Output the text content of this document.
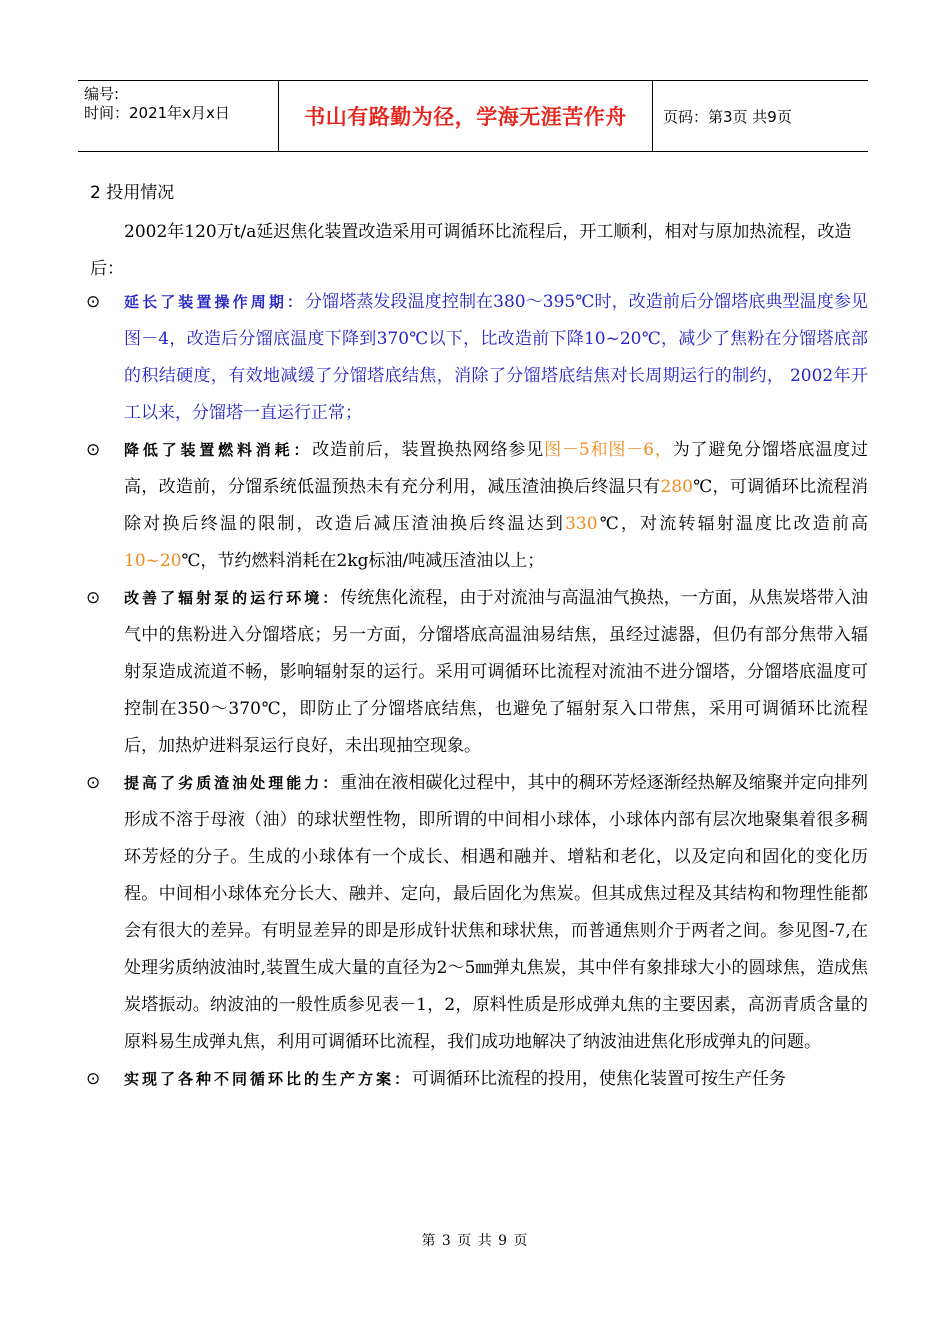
编号:
时间：2021年x月x日	书山有路勤为径，学海无涯苦作舟	页码：第3页 共9页
2 投用情况
2002年120万t/a延迟焦化装置改造采用可调循环比流程后，开工顺利，相对与原加热流程，改造后：
⊙	延长了装置操作周期：分馏塔蒸发段温度控制在380～395℃时，改造前后分馏塔底典型温度参见图－4，改造后分馏底温度下降到370℃以下，比改造前下降10~20℃，减少了焦粉在分馏塔底部的积结硬度，有效地减缓了分馏塔底结焦，消除了分馏塔底结焦对长周期运行的制约， 2002年开工以来，分馏塔一直运行正常；
⊙	降低了装置燃料消耗：改造前后，装置换热网络参见图－5和图－6，为了避免分馏塔底温度过高，改造前，分馏系统低温预热未有充分利用，减压渣油换后终温只有280℃，可调循环比流程消除对换后终温的限制，改造后减压渣油换后终温达到330℃，对流转辐射温度比改造前高10~20℃，节约燃料消耗在2kg标油/吨减压渣油以上；
⊙	改善了辐射泵的运行环境：传统焦化流程，由于对流油与高温油气换热，一方面，从焦炭塔带入油气中的焦粉进入分馏塔底；另一方面，分馏塔底高温油易结焦，虽经过滤器，但仍有部分焦带入辐射泵造成流道不畅，影响辐射泵的运行。采用可调循环比流程对流油不进分馏塔，分馏塔底温度可控制在350～370℃，即防止了分馏塔底结焦，也避免了辐射泵入口带焦，采用可调循环比流程后，加热炉进料泵运行良好，未出现抽空现象。
⊙	提高了劣质渣油处理能力：重油在液相碳化过程中，其中的稠环芳烃逐渐经热解及缩聚并定向排列形成不溶于母液（油）的球状塑性物，即所谓的中间相小球体，小球体内部有层次地聚集着很多稠环芳烃的分子。生成的小球体有一个成长、相遇和融并、增粘和老化，以及定向和固化的变化历程。中间相小球体充分长大、融并、定向，最后固化为焦炭。但其成焦过程及其结构和物理性能都会有很大的差异。有明显差异的即是形成针状焦和球状焦，而普通焦则介于两者之间。参见图-7,在处理劣质纳波油时,装置生成大量的直径为2～5㎜弹丸焦炭，其中伴有象排球大小的圆球焦，造成焦炭塔振动。纳波油的一般性质参见表－1，2，原料性质是形成弹丸焦的主要因素，高沥青质含量的原料易生成弹丸焦，利用可调循环比流程，我们成功地解决了纳波油进焦化形成弹丸的问题。
⊙	实现了各种不同循环比的生产方案：可调循环比流程的投用，使焦化装置可按生产任务
第 3 页 共 9 页
